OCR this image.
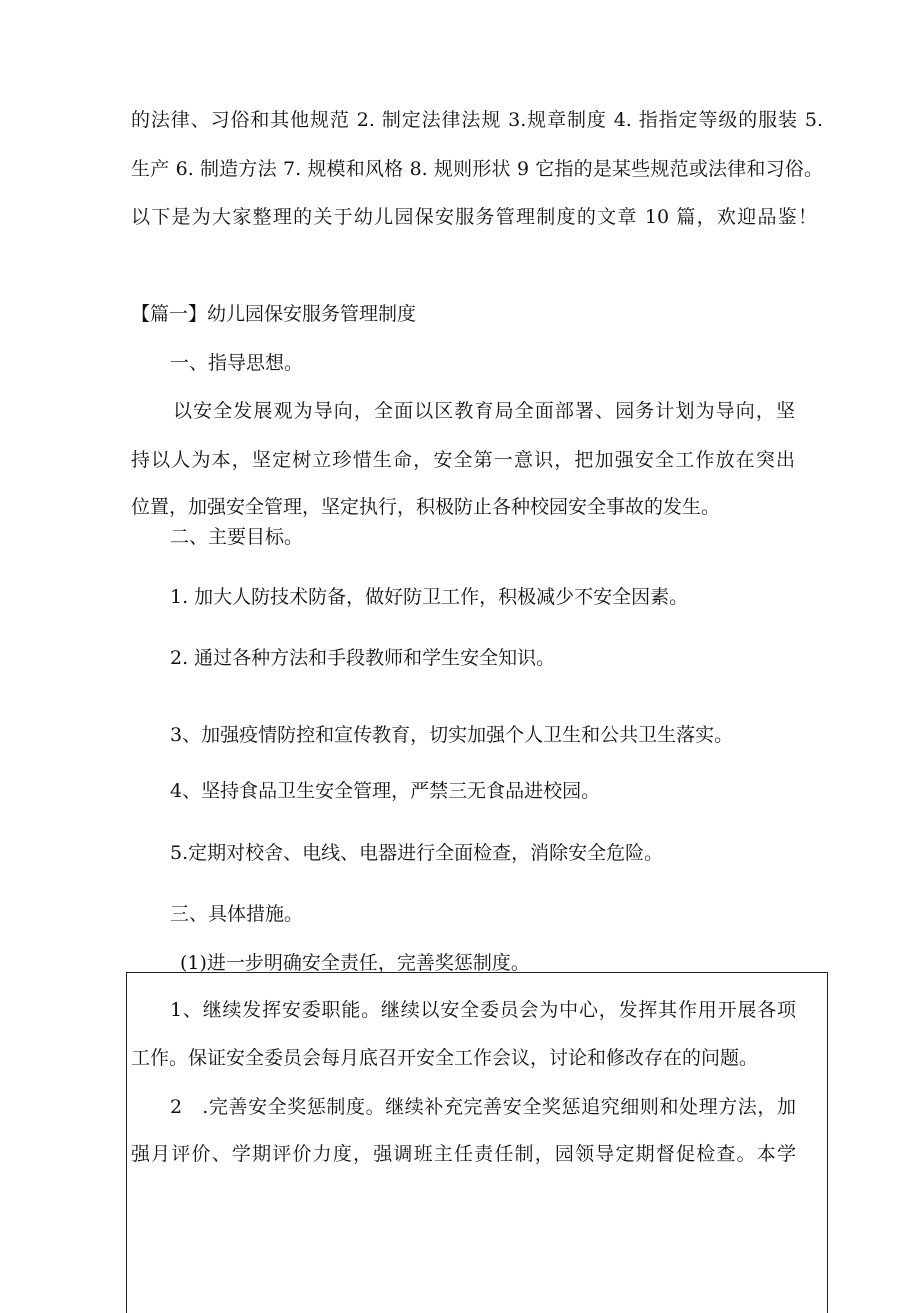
的法律、习俗和其他规范 2. 制定法律法规 3.规章制度 4. 指指定等级的服装 5.
生产 6. 制造方法 7. 规模和风格 8. 规则形状 9 它指的是某些规范或法律和习俗。
以下是为大家整理的关于幼儿园保安服务管理制度的文章 10 篇，欢迎品鉴！
【篇一】幼儿园保安服务管理制度
一、指导思想。
以安全发展观为导向，全面以区教育局全面部署、园务计划为导向，坚
持以人为本，坚定树立珍惜生命，安全第一意识，把加强安全工作放在突出
位置，加强安全管理，坚定执行，积极防止各种校园安全事故的发生。
二、主要目标。
1. 加大人防技术防备，做好防卫工作，积极减少不安全因素。
2. 通过各种方法和手段教师和学生安全知识。
3、加强疫情防控和宣传教育，切实加强个人卫生和公共卫生落实。
4、坚持食品卫生安全管理，严禁三无食品进校园。
5.定期对校舍、电线、电器进行全面检查，消除安全危险。
三、具体措施。
(1)进一步明确安全责任，完善奖惩制度。
1、继续发挥安委职能。继续以安全委员会为中心，发挥其作用开展各项
工作。保证安全委员会每月底召开安全工作会议，讨论和修改存在的问题。
2　.完善安全奖惩制度。继续补充完善安全奖惩追究细则和处理方法，加
强月评价、学期评价力度，强调班主任责任制，园领导定期督促检查。本学
